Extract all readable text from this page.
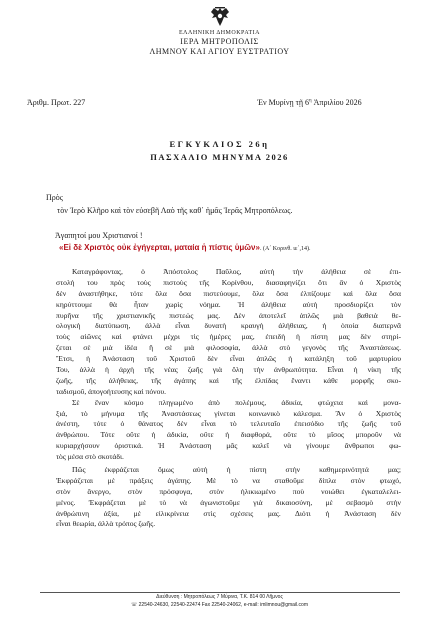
ΕΛΛΗΝΙΚΗ ΔΗΜΟΚΡΑΤΙΑ
ΙΕΡΑ ΜΗΤΡΟΠΟΛΙΣ
ΛΗΜΝΟΥ ΚΑΙ ΑΓΙΟΥ ΕΥΣΤΡΑΤΙΟΥ
Ἀριθμ. Πρωτ. 227	Ἐν Μυρίνῃ τῇ $6^\eta$ Ἀπριλίου 2026
ΕΓΚΥΚΛΙΟΣ 26η
ΠΑΣΧΑΛΙΟ ΜΗΝΥΜΑ 2026
Πρὸς
τὸν Ἱερὸ Κλῆρο καὶ τὸν εὐσεβῆ Λαὸ τῆς καθ᾽ ἡμᾶς Ἱερᾶς Μητροπόλεως.
Ἀγαπητοί μου Χριστιανοί !
«Εἰ δὲ Χριστὸς οὐκ ἐγήγερται, ματαία ἡ πίστις ὑμῶν». (Α΄ Κορινθ. ιε΄,14).
Καταγράφοντας, ὁ Ἀπόστολος Παῦλος, αὐτὴ τὴν ἀλήθεια σὲ ἐπι-
στολή του πρὸς τοὺς πιστοὺς τῆς Κορίνθου, διασαφηνίζει ὅτι ἂν ὁ Χριστὸς
δὲν ἀναστήθηκε, τότε ὅλα ὅσα πιστεύουμε, ὅλα ὅσα ἐλπίζουμε καὶ ὅλα ὅσα
κηρύττουμε θὰ ἦταν χωρὶς νόημα. Ἡ ἀλήθεια αὐτὴ προσδιορίζει τὸν
πυρῆνα τῆς χριστιανικῆς πιστεώς μας. Δὲν ἀποτελεῖ ἁπλῶς μιὰ βαθειὰ θε-
ολογικὴ διατύπωση, ἀλλὰ εἶναι δυνατὴ κραυγὴ ἀλήθειας, ἡ ὁποία διαπερνᾶ
τοὺς αἰῶνες καὶ φτάνει μέχρι τὶς ἡμέρες μας, ἐπειδὴ ἡ πίστη μας δὲν στηρί-
ζεται σὲ μιὰ ἰδέα ἢ σὲ μιὰ φιλοσοφία, ἀλλὰ στὸ γεγονὸς τῆς Ἀναστάσεως.
Ἔτσι, ἡ Ἀνάσταση τοῦ Χριστοῦ δὲν εἶναι ἁπλῶς ἡ κατάληξη τοῦ μαρτυρίου
Του, ἀλλὰ ἡ ἀρχὴ τῆς νέας ζωῆς γιὰ ὅλη τὴν ἀνθρωπότητα. Εἶναι ἡ νίκη τῆς
ζωῆς, τῆς ἀλήθειας, τῆς ἀγάπης καὶ τῆς ἐλπίδας ἔναντι κάθε μορφῆς σκο-
ταδισμοῦ, ἀπογοήτευσης καὶ πόνου.
Σὲ ἕναν κόσμο πληγωμένο ἀπὸ πολέμους, ἀδικία, φτώχεια καὶ μονα-
ξιά, τὸ μήνυμα τῆς Ἀναστάσεως γίνεται κοινωνικὸ κάλεσμα. Ἂν ὁ Χριστὸς
ἀνέστη, τότε ὁ θάνατος δὲν εἶναι τὸ τελευταῖο ἐπεισόδιο τῆς ζωῆς τοῦ
ἀνθρώπου. Τότε οὔτε ἡ ἀδικία, οὔτε ἡ διαφθορά, οὔτε τὸ μῖσος μποροῦν νὰ
κυριαρχήσουν ὁριστικά. Ἡ Ἀνάσταση μᾶς καλεῖ νὰ γίνουμε ἄνθρωποι φω-
τὸς μέσα στὸ σκοτάδι.
Πῶς ἐκφράζεται ὅμως αὐτὴ ἡ πίστη στὴν καθημερινότητά μας;
Ἐκφράζεται μὲ πράξεις ἀγάπης. Μὲ τὸ να σταθοῦμε δίπλα στὸν φτωχό,
στὸν ἄνεργο, στὸν πρόσφυγα, στὸν ἡλικιωμένο ποὺ νοιώθει ἐγκαταλελει-
μένος. Ἐκφράζεται μὲ τὸ νὰ ἀγωνιστοῦμε γιὰ δικαιοσύνη, μὲ σεβασμὸ στὴν
ἀνθρώπινη ἀξία, μὲ εἰλικρίνεια στὶς σχέσεις μας. Διότι ἡ Ἀνάσταση δὲν
εἶναι θεωρία, ἀλλὰ τρόπος ζωῆς.
Διεύθυνση : Μητροπόλεως 7 Μύρινα, Τ.Κ. 814 00 Λῆμνος
☏ 22540-24630, 22540-22474 Fax 22540-24062, e-mail: imlimnou@gmail.com
